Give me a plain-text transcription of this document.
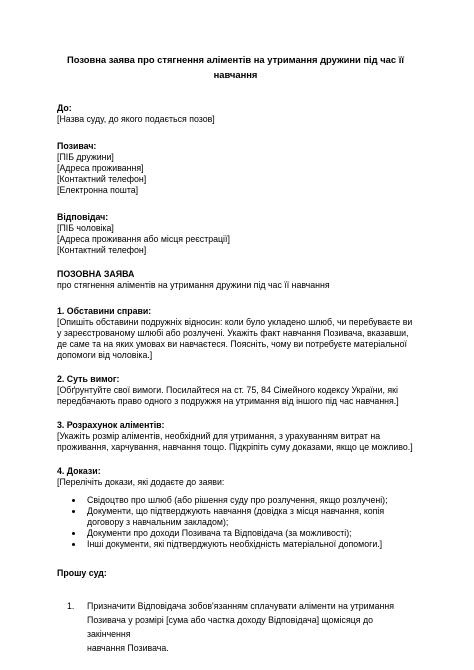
Позовна заява про стягнення аліментів на утримання дружини під час її навчання
До:
[Назва суду, до якого подається позов]
Позивач:
[ПІБ дружини]
[Адреса проживання]
[Контактний телефон]
[Електронна пошта]
Відповідач:
[ПІБ чоловіка]
[Адреса проживання або місця реєстрації]
[Контактний телефон]
ПОЗОВНА ЗАЯВА
про стягнення аліментів на утримання дружини під час її навчання
1. Обставини справи:
[Опишіть обставини подружніх відносин: коли було укладено шлюб, чи перебуваєте ви
у зареєстрованому шлюбі або розлучені. Укажіть факт навчання Позивача, вказавши,
де саме та на яких умовах ви навчаєтеся. Поясніть, чому ви потребуєте матеріальної
допомоги від чоловіка.]
2. Суть вимог:
[Обґрунтуйте свої вимоги. Посилайтеся на ст. 75, 84 Сімейного кодексу України, які
передбачають право одного з подружжя на утримання від іншого під час навчання.]
3. Розрахунок аліментів:
[Укажіть розмір аліментів, необхідний для утримання, з урахуванням витрат на
проживання, харчування, навчання тощо. Підкріпіть суму доказами, якщо це можливо.]
4. Докази:
[Перелічіть докази, які додаєте до заяви:
Свідоцтво про шлюб (або рішення суду про розлучення, якщо розлучені);
Документи, що підтверджують навчання (довідка з місця навчання, копія
договору з навчальним закладом);
Документи про доходи Позивача та Відповідача (за можливості);
Інші документи, які підтверджують необхідність матеріальної допомоги.]
Прошу суд:
1. Призначити Відповідача зобов'язанням сплачувати аліменти на утримання
Позивача у розмірі [сума або частка доходу Відповідача] щомісяця до закінчення
навчання Позивача.
